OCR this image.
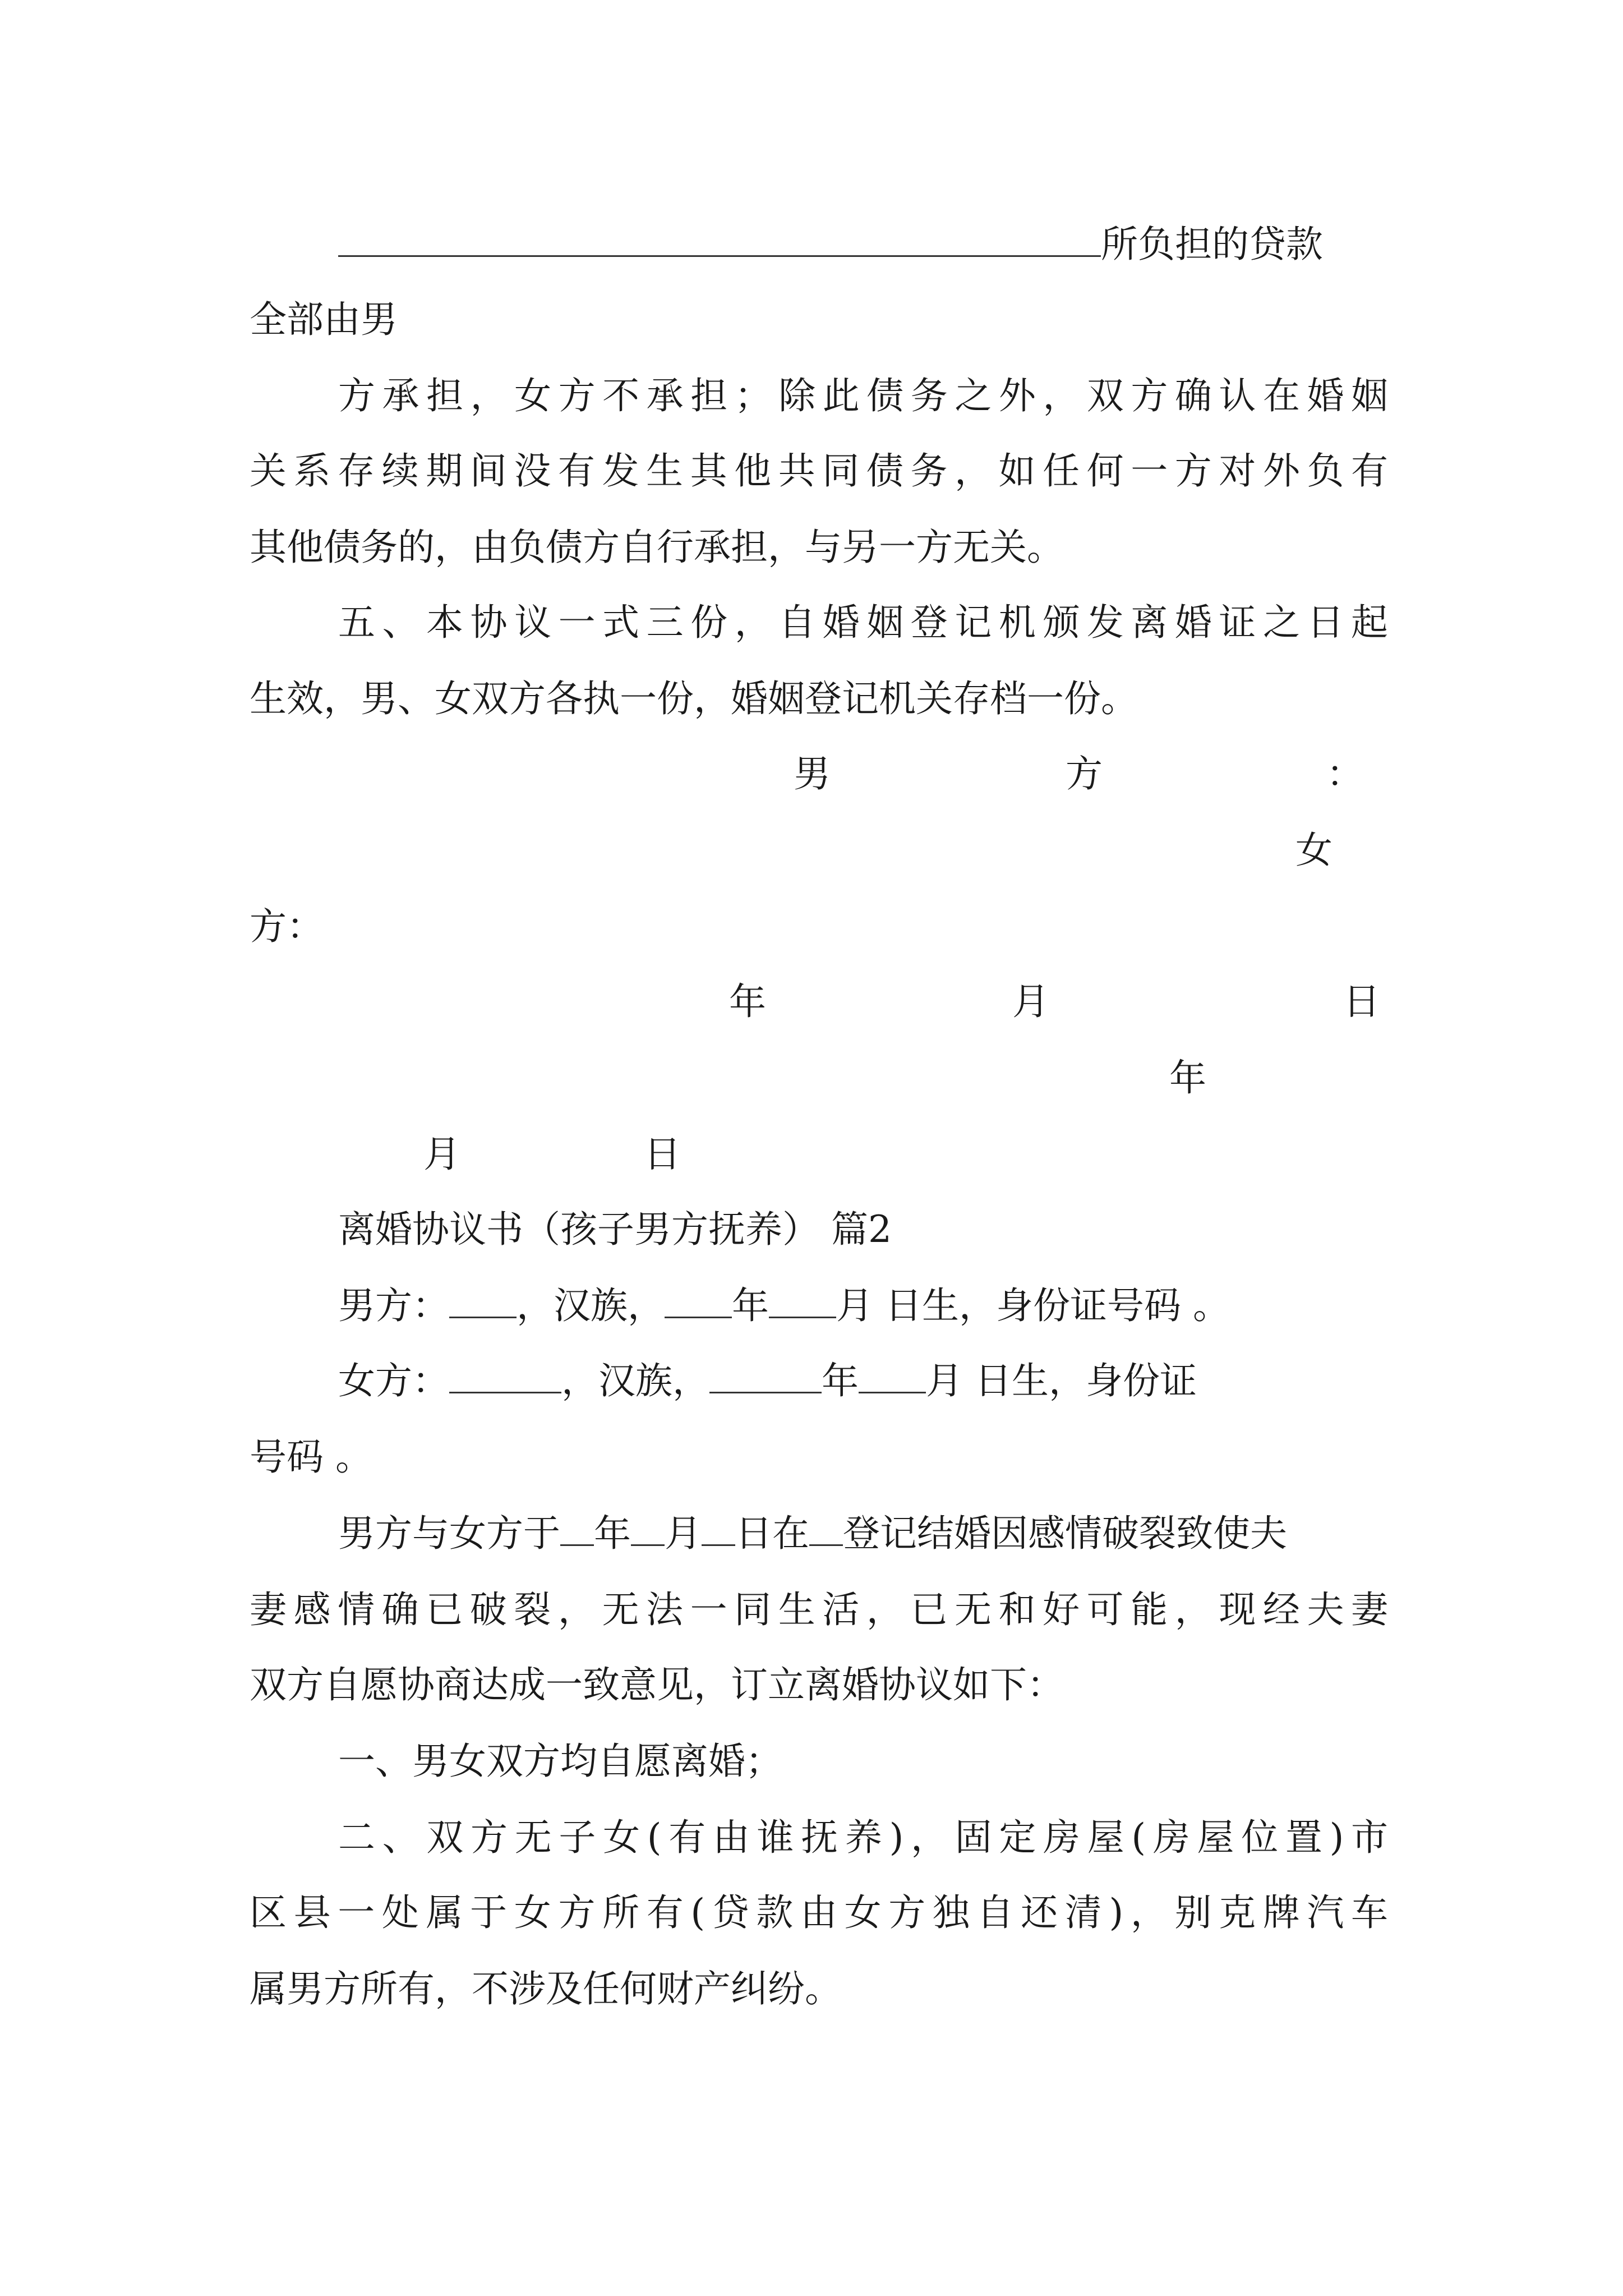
所负担的贷款
全部由男
方承担，女方不承担；除此债务之外，双方确认在婚姻
关系存续期间没有发生其他共同债务，如任何一方对外负有
其他债务的，由负债方自行承担，与另一方无关。
五、本协议一式三份，自婚姻登记机颁发离婚证之日起
生效，男、女双方各执一份，婚姻登记机关存档一份。
男	方	：
女
方：
年	月	日
年
月	日
离婚协议书（孩子男方抚养） 篇2
男方： ，汉族， 年 月 日生，身份证号码 。
女方：	，汉族，	年 月 日生，身份证
号码 。
男方与女方于 年 月 日在 登记结婚因感情破裂致使夫
妻感情确已破裂，无法一同生活，已无和好可能，现经夫妻
双方自愿协商达成一致意见，订立离婚协议如下：
一、男女双方均自愿离婚；
二、双方无子女(有由谁抚养)，固定房屋(房屋位置)市
区县一处属于女方所有(贷款由女方独自还清)，别克牌汽车
属男方所有，不涉及任何财产纠纷。
